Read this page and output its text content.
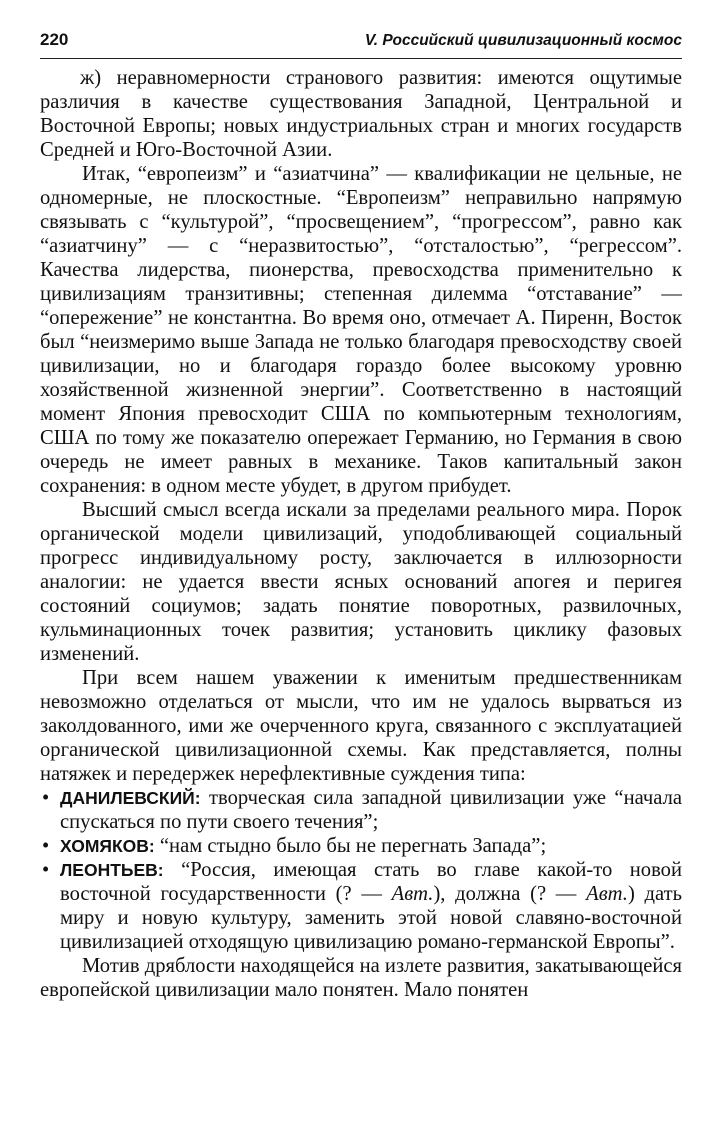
220	V. Российский цивилизационный космос

ж) неравномерности странового развития: имеются ощутимые различия в качестве существования Западной, Центральной и Восточной Европы; новых индустриальных стран и многих государств Средней и Юго-Восточной Азии.

Итак, “европеизм” и “азиатчина” — квалификации не цельные, не одномерные, не плоскостные. “Европеизм” неправильно напрямую связывать с “культурой”, “просвещением”, “прогрессом”, равно как “азиатчину” — с “неразвитостью”, “отсталостью”, “регрессом”. Качества лидерства, пионерства, превосходства применительно к цивилизациям транзитивны; степенная дилемма “отставание” — “опережение” не константна. Во время оно, отмечает А. Пиренн, Восток был “неизмеримо выше Запада не только благодаря превосходству своей цивилизации, но и благодаря гораздо более высокому уровню хозяйственной жизненной энергии”. Соответственно в настоящий момент Япония превосходит США по компьютерным технологиям, США по тому же показателю опережает Германию, но Германия в свою очередь не имеет равных в механике. Таков капитальный закон сохранения: в одном месте убудет, в другом прибудет.

Высший смысл всегда искали за пределами реального мира. Порок органической модели цивилизаций, уподобливающей социальный прогресс индивидуальному росту, заключается в иллюзорности аналогии: не удается ввести ясных оснований апогея и перигея состояний социумов; задать понятие поворотных, развилочных, кульминационных точек развития; установить циклику фазовых изменений.

При всем нашем уважении к именитым предшественникам невозможно отделаться от мысли, что им не удалось вырваться из заколдованного, ими же очерченного круга, связанного с эксплуатацией органической цивилизационной схемы. Как представляется, полны натяжек и передержек нерефлективные суждения типа:

• ДАНИЛЕВСКИЙ: творческая сила западной цивилизации уже “начала спускаться по пути своего течения”;
• ХОМЯКОВ: “нам стыдно было бы не перегнать Запада”;
• ЛЕОНТЬЕВ: “Россия, имеющая стать во главе какой-то новой восточной государственности (? — Авт.), должна (? — Авт.) дать миру и новую культуру, заменить этой новой славяно-восточной цивилизацией отходящую цивилизацию романо-германской Европы”.

Мотив дряблости находящейся на излете развития, закатывающейся европейской цивилизации мало понятен. Мало понятен
